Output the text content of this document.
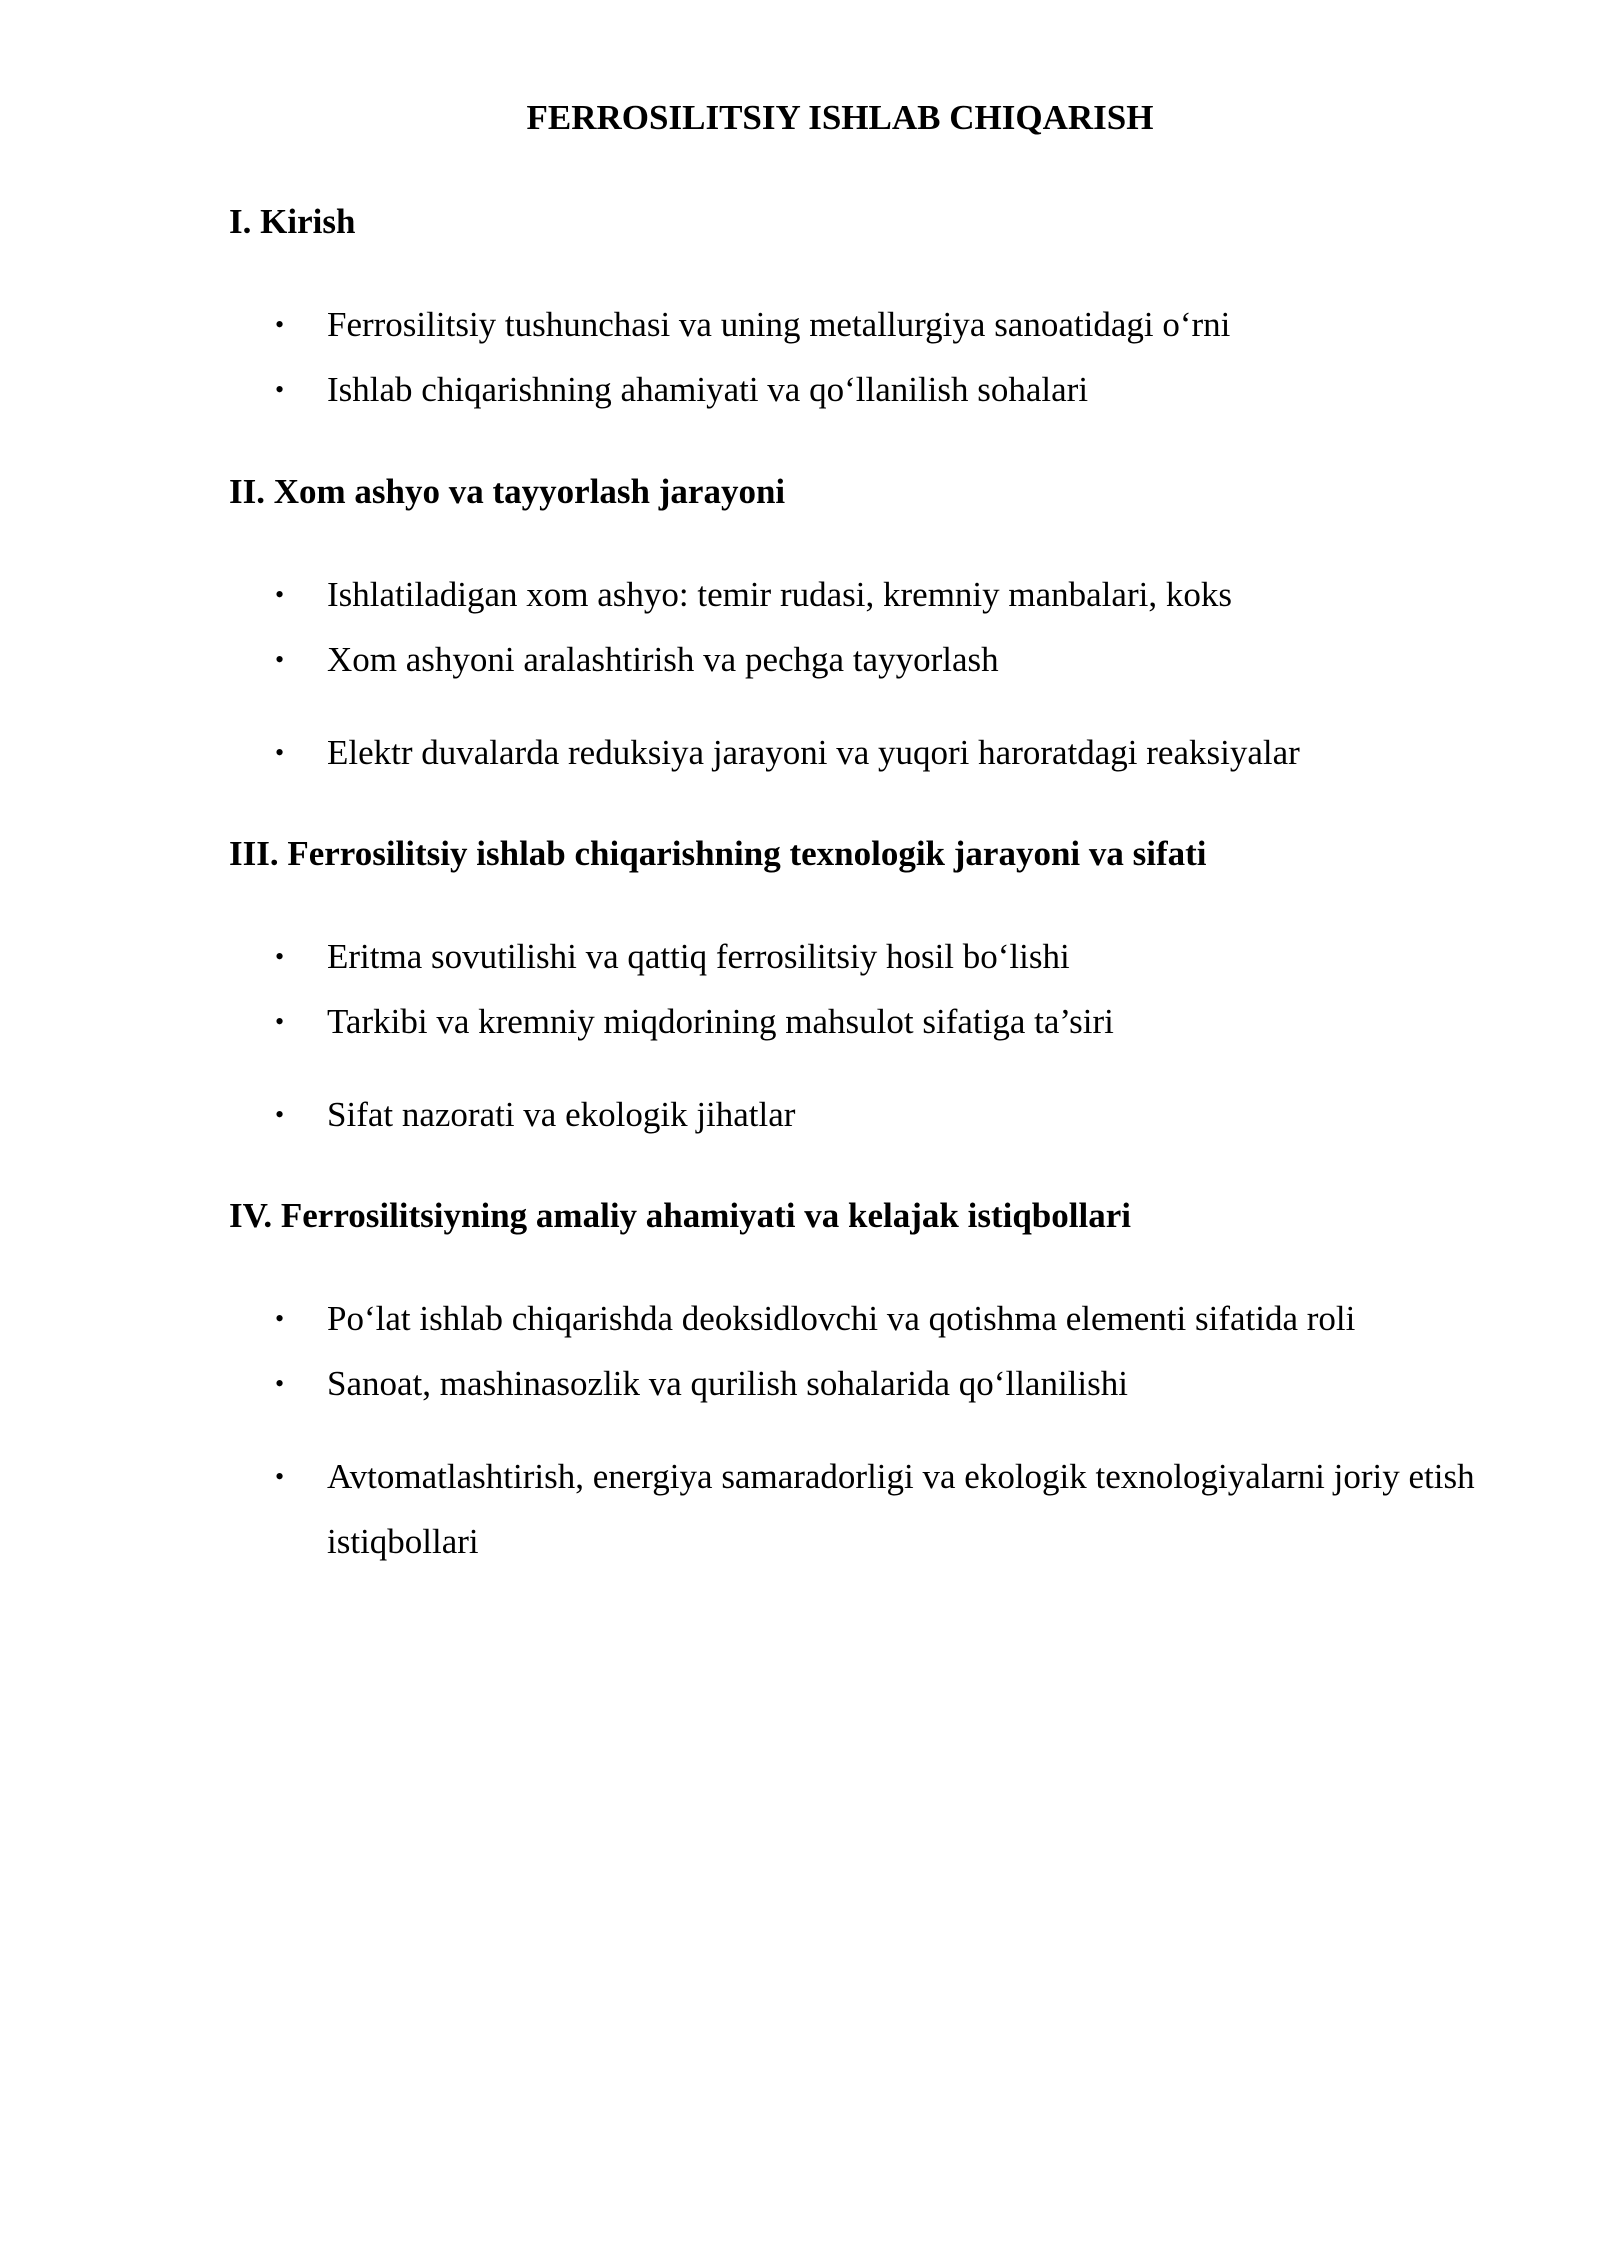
FERROSILITSIY ISHLAB CHIQARISH
I. Kirish
•	Ferrosilitsiy tushunchasi va uning metallurgiya sanoatidagi o‘rni
•	Ishlab chiqarishning ahamiyati va qo‘llanilish sohalari
II. Xom ashyo va tayyorlash jarayoni
•	Ishlatiladigan xom ashyo: temir rudasi, kremniy manbalari, koks
•	Xom ashyoni aralashtirish va pechga tayyorlash
•	Elektr duvalarda reduksiya jarayoni va yuqori haroratdagi reaksiyalar
III. Ferrosilitsiy ishlab chiqarishning texnologik jarayoni va sifati
•	Eritma sovutilishi va qattiq ferrosilitsiy hosil bo‘lishi
•	Tarkibi va kremniy miqdorining mahsulot sifatiga ta’siri
•	Sifat nazorati va ekologik jihatlar
IV. Ferrosilitsiyning amaliy ahamiyati va kelajak istiqbollari
•	Po‘lat ishlab chiqarishda deoksidlovchi va qotishma elementi sifatida roli
•	Sanoat, mashinasozlik va qurilish sohalarida qo‘llanilishi
•	Avtomatlashtirish, energiya samaradorligi va ekologik texnologiyalarni joriy etish istiqbollari
